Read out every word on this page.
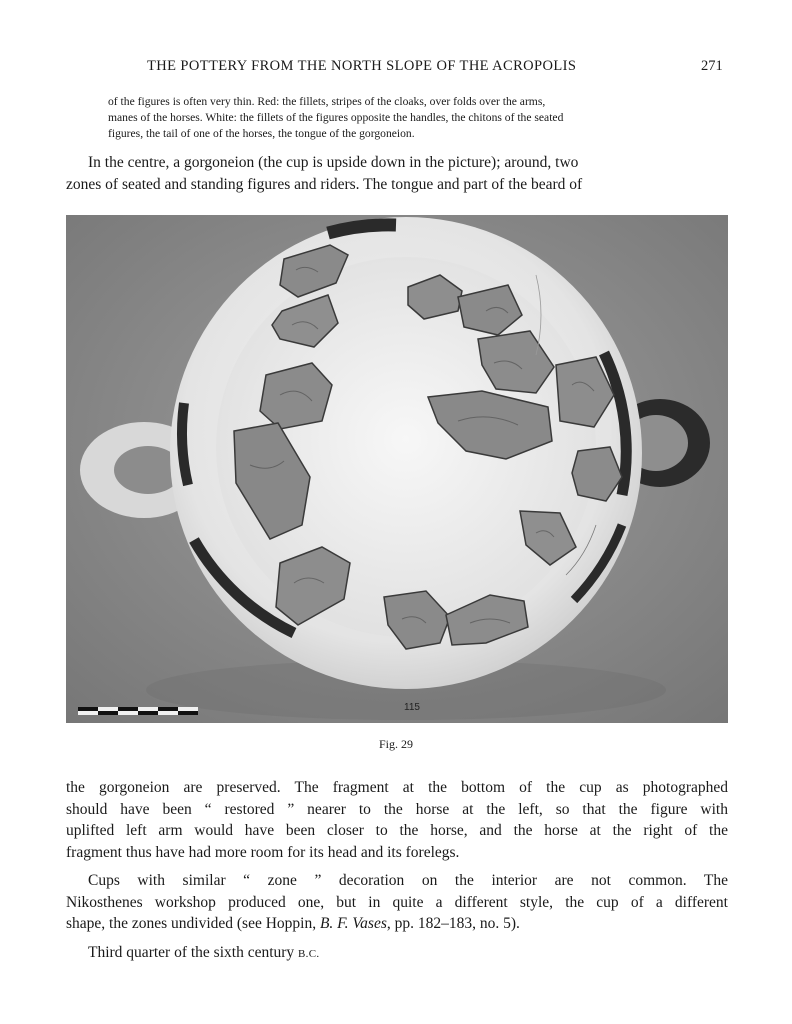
THE POTTERY FROM THE NORTH SLOPE OF THE ACROPOLIS	271
of the figures is often very thin. Red: the fillets, stripes of the cloaks, over folds over the arms,
manes of the horses. White: the fillets of the figures opposite the handles, the chitons of the seated
figures, the tail of one of the horses, the tongue of the gorgoneion.
In the centre, a gorgoneion (the cup is upside down in the picture); around, two
zones of seated and standing figures and riders. The tongue and part of the beard of
115
Fig. 29
the gorgoneion are preserved. The fragment at the bottom of the cup as photographed
should have been “ restored ” nearer to the horse at the left, so that the figure with
uplifted left arm would have been closer to the horse, and the horse at the right of the
fragment thus have had more room for its head and its forelegs.
Cups with similar “ zone ” decoration on the interior are not common. The
Nikosthenes workshop produced one, but in quite a different style, the cup of a different
shape, the zones undivided (see Hoppin, B. F. Vases, pp. 182–183, no. 5).
Third quarter of the sixth century B.C.
